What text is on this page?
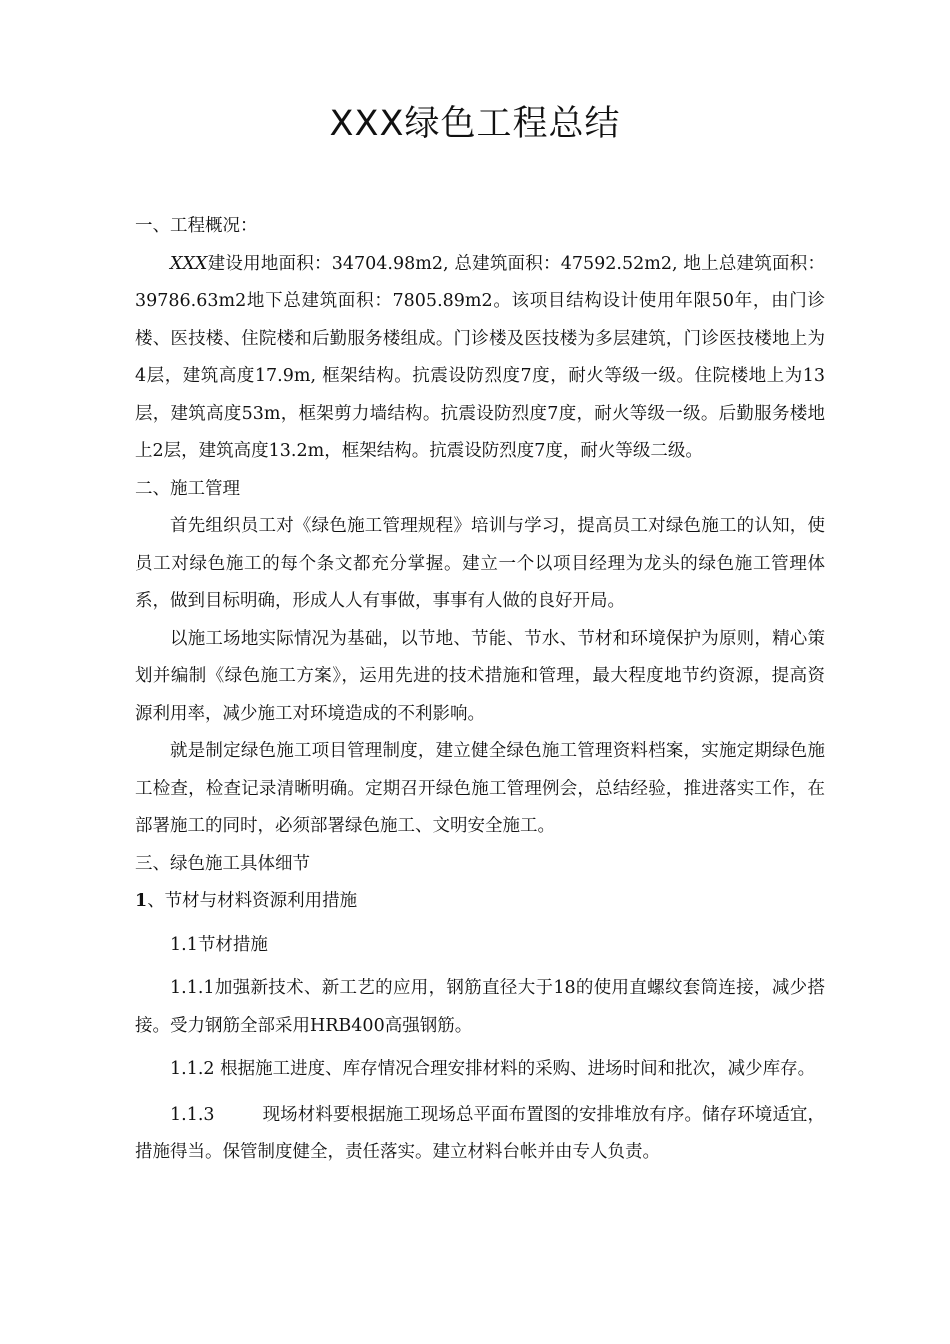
XXX绿色工程总结

一、工程概况：

XXX建设用地面积：34704.98m2, 总建筑面积：47592.52m2, 地上总建筑面积：39786.63m2地下总建筑面积：7805.89m2。该项目结构设计使用年限50年，由门诊楼、医技楼、住院楼和后勤服务楼组成。门诊楼及医技楼为多层建筑，门诊医技楼地上为4层，建筑高度17.9m, 框架结构。抗震设防烈度7度，耐火等级一级。住院楼地上为13层，建筑高度53m，框架剪力墙结构。抗震设防烈度7度，耐火等级一级。后勤服务楼地上2层，建筑高度13.2m，框架结构。抗震设防烈度7度，耐火等级二级。

二、施工管理

首先组织员工对《绿色施工管理规程》培训与学习，提高员工对绿色施工的认知，使员工对绿色施工的每个条文都充分掌握。建立一个以项目经理为龙头的绿色施工管理体系，做到目标明确，形成人人有事做，事事有人做的良好开局。

以施工场地实际情况为基础，以节地、节能、节水、节材和环境保护为原则，精心策划并编制《绿色施工方案》，运用先进的技术措施和管理，最大程度地节约资源，提高资源利用率，减少施工对环境造成的不利影响。

就是制定绿色施工项目管理制度，建立健全绿色施工管理资料档案，实施定期绿色施工检查，检查记录清晰明确。定期召开绿色施工管理例会，总结经验，推进落实工作，在部署施工的同时，必须部署绿色施工、文明安全施工。

三、绿色施工具体细节

1、节材与材料资源利用措施

1.1节材措施

1.1.1加强新技术、新工艺的应用，钢筋直径大于18的使用直螺纹套筒连接，减少搭接。受力钢筋全部采用HRB400高强钢筋。

1.1.2 根据施工进度、库存情况合理安排材料的采购、进场时间和批次，减少库存。

1.1.3	现场材料要根据施工现场总平面布置图的安排堆放有序。储存环境适宜，措施得当。保管制度健全，责任落实。建立材料台帐并由专人负责。
